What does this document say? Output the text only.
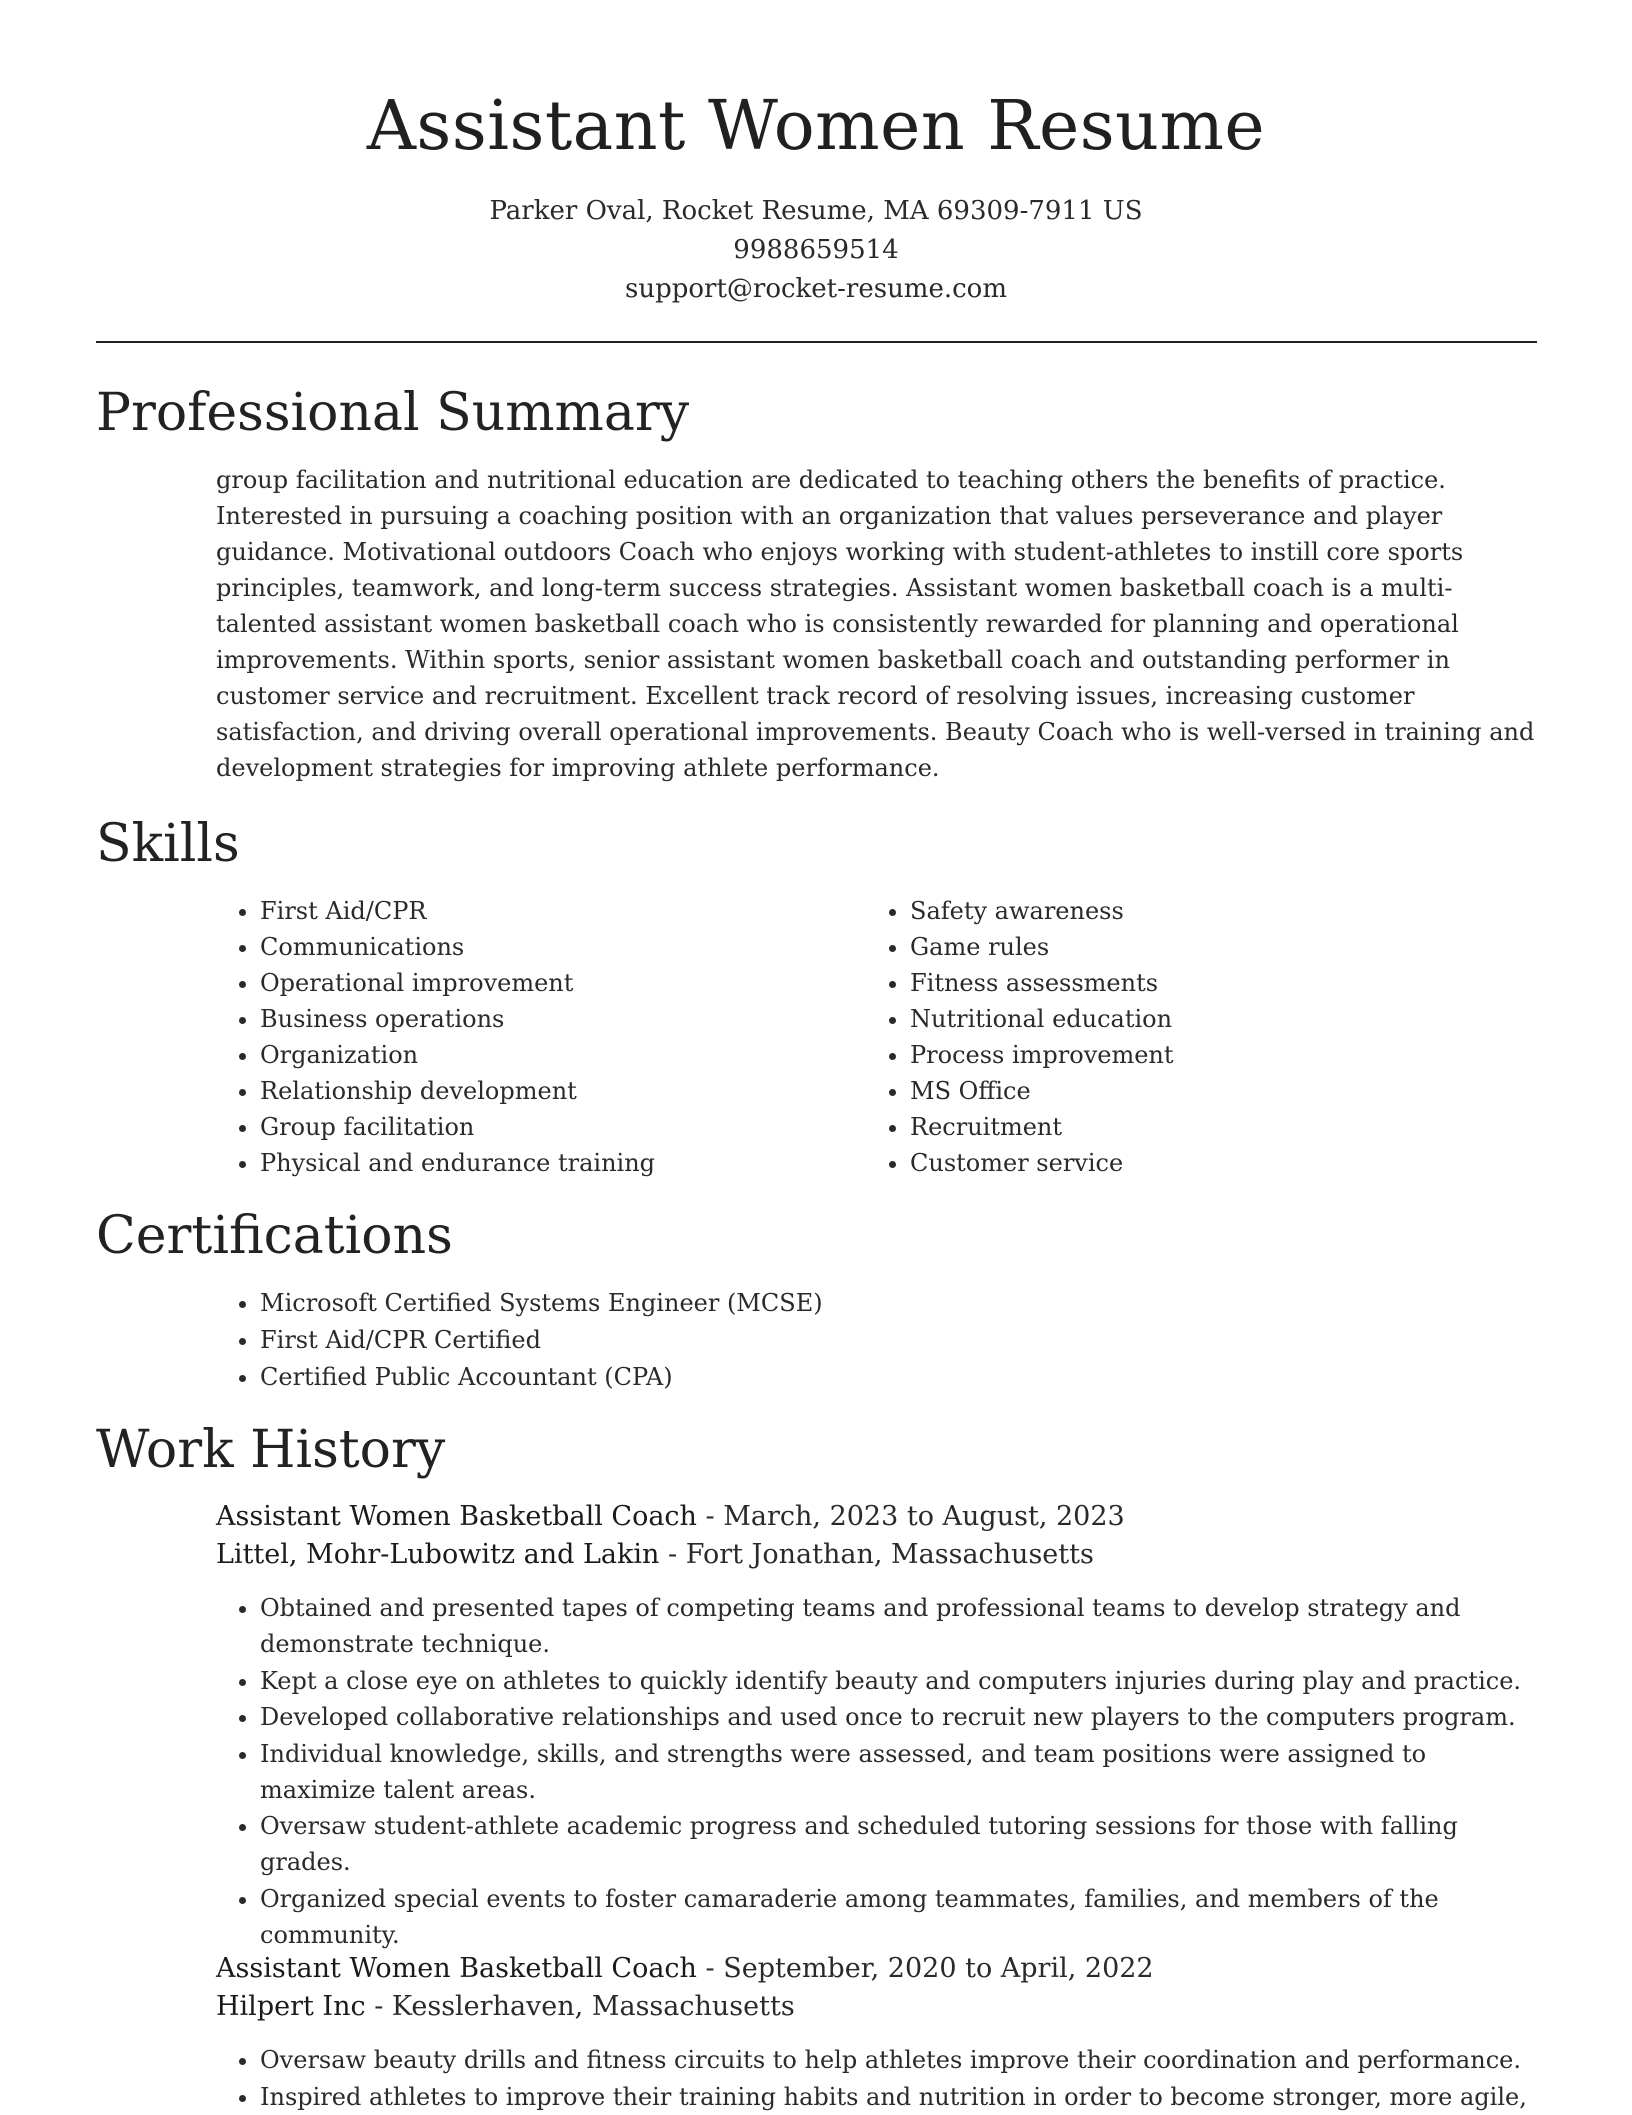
Assistant Women Resume
Parker Oval, Rocket Resume, MA 69309-7911 US
9988659514
support@rocket-resume.com
Professional Summary

group facilitation and nutritional education are dedicated to teaching others the benefits of practice. Interested in pursuing a coaching position with an organization that values perseverance and player guidance. Motivational outdoors Coach who enjoys working with student-athletes to instill core sports principles, teamwork, and long-term success strategies. Assistant women basketball coach is a multi-talented assistant women basketball coach who is consistently rewarded for planning and operational improvements. Within sports, senior assistant women basketball coach and outstanding performer in customer service and recruitment. Excellent track record of resolving issues, increasing customer satisfaction, and driving overall operational improvements. Beauty Coach who is well-versed in training and development strategies for improving athlete performance.

Skills
• First Aid/CPR
• Communications
• Operational improvement
• Business operations
• Organization
• Relationship development
• Group facilitation
• Physical and endurance training
• Safety awareness
• Game rules
• Fitness assessments
• Nutritional education
• Process improvement
• MS Office
• Recruitment
• Customer service
Certifications
• Microsoft Certified Systems Engineer (MCSE)
• First Aid/CPR Certified
• Certified Public Accountant (CPA)
Work History
Assistant Women Basketball Coach - March, 2023 to August, 2023
Littel, Mohr-Lubowitz and Lakin - Fort Jonathan, Massachusetts
• Obtained and presented tapes of competing teams and professional teams to develop strategy and demonstrate technique.
• Kept a close eye on athletes to quickly identify beauty and computers injuries during play and practice.
• Developed collaborative relationships and used once to recruit new players to the computers program.
• Individual knowledge, skills, and strengths were assessed, and team positions were assigned to maximize talent areas.
• Oversaw student-athlete academic progress and scheduled tutoring sessions for those with falling grades.
• Organized special events to foster camaraderie among teammates, families, and members of the community.
Assistant Women Basketball Coach - September, 2020 to April, 2022
Hilpert Inc - Kesslerhaven, Massachusetts
• Oversaw beauty drills and fitness circuits to help athletes improve their coordination and performance.
• Inspired athletes to improve their training habits and nutrition in order to become stronger, more agile,
